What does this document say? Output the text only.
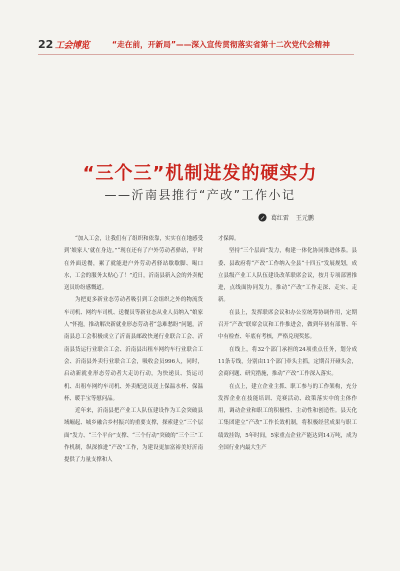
22 工会博览	“走在前，开新局”——深入宣传贯彻落实省第十二次党代会精神
“三个三”机制进发的硬实力
——沂南县推行“产改”工作小记
葛红雷 王元鹏

“加入工会，让我们有了组织和依靠，实实在在地感受到‘娘家人’就在身边。”“现在还有了户外劳动者驿站，平时在外面送餐，累了就能进户外劳动者驿站歇歇脚、喝口水，工会的服务太贴心了！”近日，沂南县新入会的外卖配送员纷纷感慨道。

为把更多新业态劳动者吸引到工会组织之外的物流货车司机、网约车司机、送餐员等新业态从业人员纳入“娘家人”怀抱，推动解决新就业形态劳动者“急难愁盼”问题，沂南县总工会积极成立了沂南县邮政快递行业联合工会、沂南县货运行业联合工会、沂南县出租车网约车行业联合工会、沂南县外卖行业联合工会，吸收会员996人，同时，启动新就业形态劳动者大走访行动，为快递员、货运司机、出租车网约车司机、外卖配送员送上保温水杯、保温杯、暖手宝等慰问品。

近年来，沂南县把产业工人队伍建设作为工会突破县域崛起、城乡融合乡村振兴的重要支撑，探索建立“三个层面”发力、“三个平台”支撑、“三个行动”突破的“三个三”工作机制，纵深推进“产改”工作，为建设更加富裕美好沂南提供了力量支撑和人

才保障。

坚持“三个层面”发力，构建一体化协同推进体系。县委、县政府将“产改”工作纳入全县“十四五”发展规划，成立县级产业工人队伍建设改革联席会议，按月专项部署推进，点线面协同发力，推动“产改”工作走深、走实、走新。

在县上，发挥联席会议和办公室统筹协调作用，定期召开“产改”联席会议和工作推进会，做到年初有部署、年中有检查、年底有考核，严格兑现奖惩。

在线上，将32个部门承担的24项重点任务，划分成11条专线，分别由11个部门牵头主抓，定期召开碰头会，会商问题、研究措施，推动“产改”工作深入落实。

在点上，建立企业主抓、职工参与的工作架构，充分发挥企业在技能培训、竞赛活动、政策落实中的主体作用，调动企业和职工的积极性、主动性和创造性。县天化工集团建立“产改”工作长效机制，将积极经营成果与职工绩效挂钩，5年时间，5家重点企业产能达到14万吨，成为全国行业内最大生产
